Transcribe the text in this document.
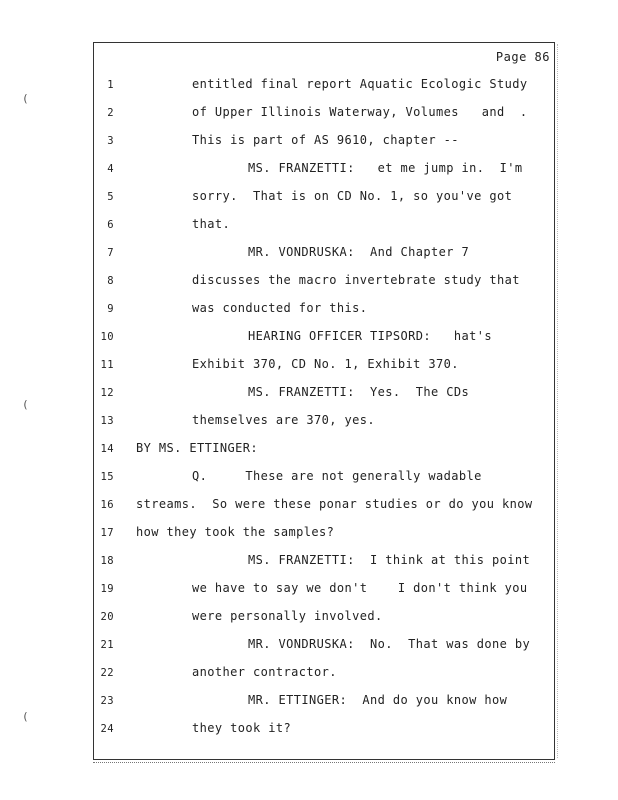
Page 86
(
(
(
1	entitled final report Aquatic Ecologic Study
2	of Upper Illinois Waterway, Volumes   and  .
3	This is part of AS 9610, chapter --
4	MS. FRANZETTI:   et me jump in.  I'm
5	sorry.  That is on CD No. 1, so you've got
6	that.
7	MR. VONDRUSKA:  And Chapter 7
8	discusses the macro invertebrate study that
9	was conducted for this.
10	HEARING OFFICER TIPSORD:   hat's
11	Exhibit 370, CD No. 1, Exhibit 370.
12	MS. FRANZETTI:  Yes.  The CDs
13	themselves are 370, yes.
14 BY MS. ETTINGER:
15	Q.     These are not generally wadable
16 streams.  So were these ponar studies or do you know
17 how they took the samples?
18	MS. FRANZETTI:  I think at this point
19	we have to say we don't    I don't think you
20	were personally involved.
21	MR. VONDRUSKA:  No.  That was done by
22	another contractor.
23	MR. ETTINGER:  And do you know how
24	they took it?
